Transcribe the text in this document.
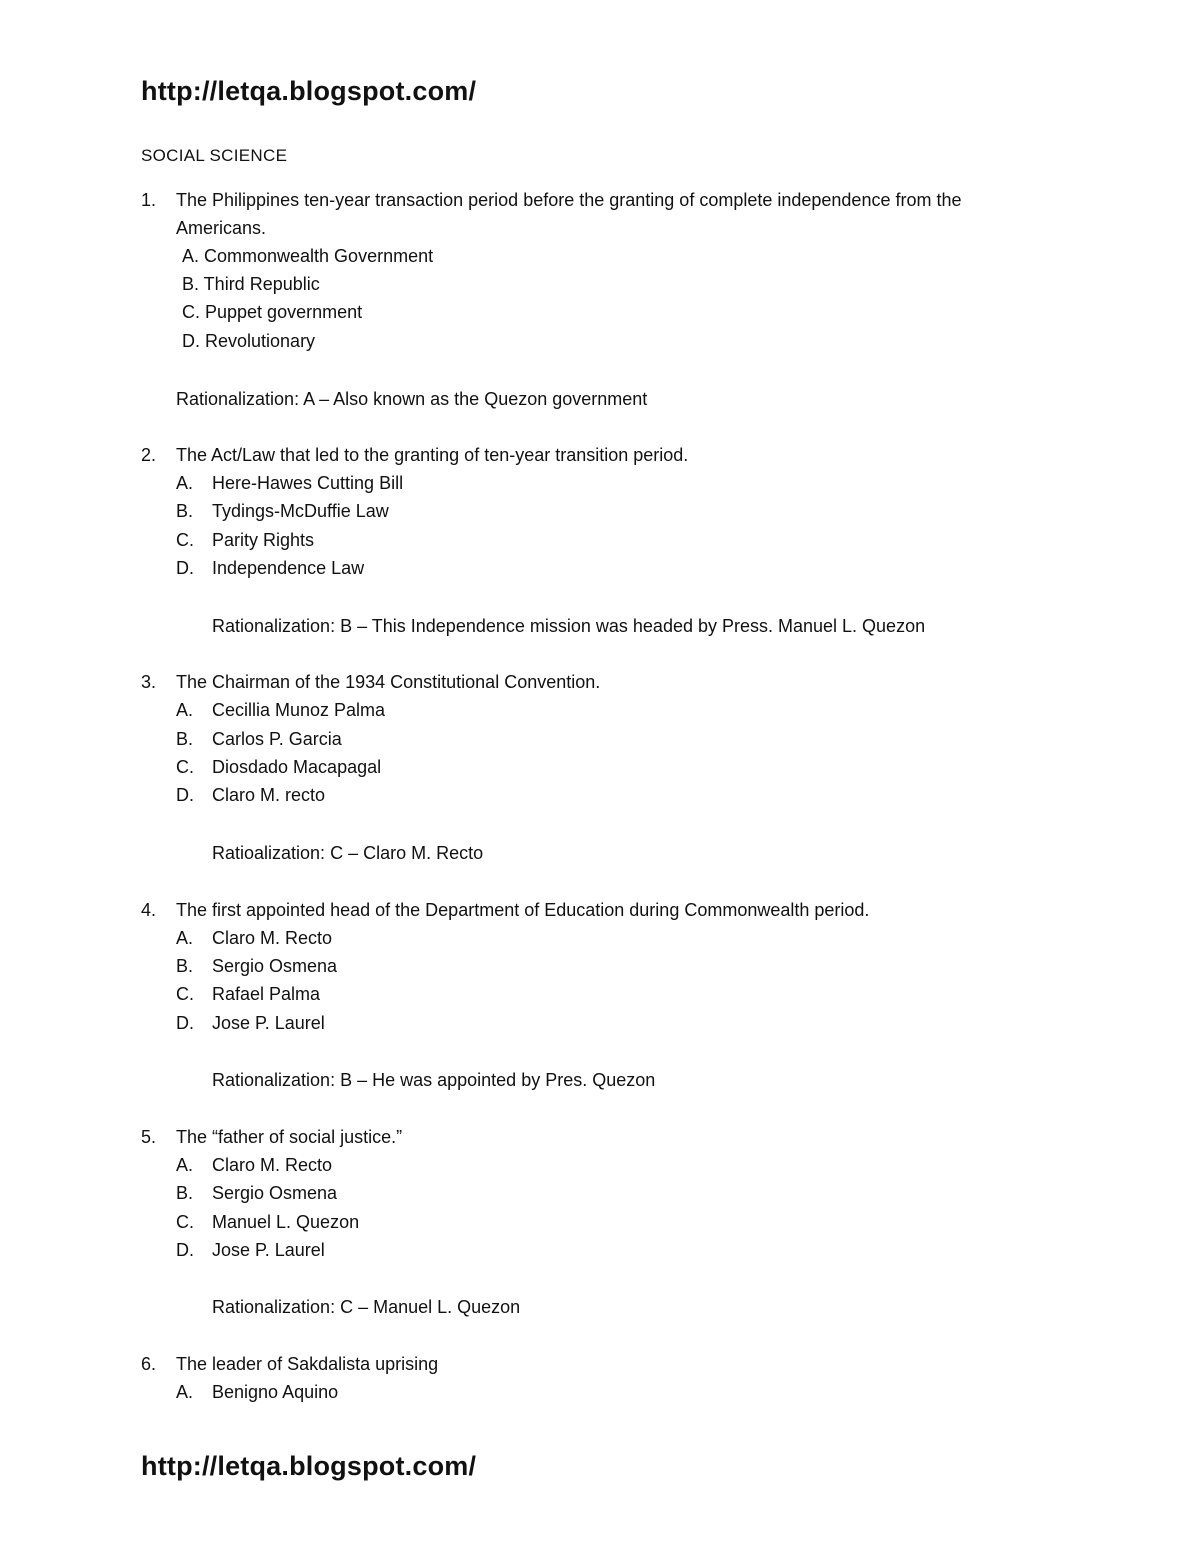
http://letqa.blogspot.com/
SOCIAL SCIENCE
1. The Philippines ten-year transaction period before the granting of complete independence from the
Americans.
A. Commonwealth Government
B. Third Republic
C. Puppet government
D. Revolutionary
Rationalization: A – Also known as the Quezon government
2. The Act/Law that led to the granting of ten-year transition period.
A. Here-Hawes Cutting Bill
B. Tydings-McDuffie Law
C. Parity Rights
D. Independence Law
Rationalization: B – This Independence mission was headed by Press. Manuel L. Quezon
3. The Chairman of the 1934 Constitutional Convention.
A. Cecillia Munoz Palma
B. Carlos P. Garcia
C. Diosdado Macapagal
D. Claro M. recto
Ratioalization: C – Claro M. Recto
4. The first appointed head of the Department of Education during Commonwealth period.
A. Claro M. Recto
B. Sergio Osmena
C. Rafael Palma
D. Jose P. Laurel
Rationalization: B – He was appointed by Pres. Quezon
5. The “father of social justice.”
A. Claro M. Recto
B. Sergio Osmena
C. Manuel L. Quezon
D. Jose P. Laurel
Rationalization: C – Manuel L. Quezon
6. The leader of Sakdalista uprising
A. Benigno Aquino
http://letqa.blogspot.com/
